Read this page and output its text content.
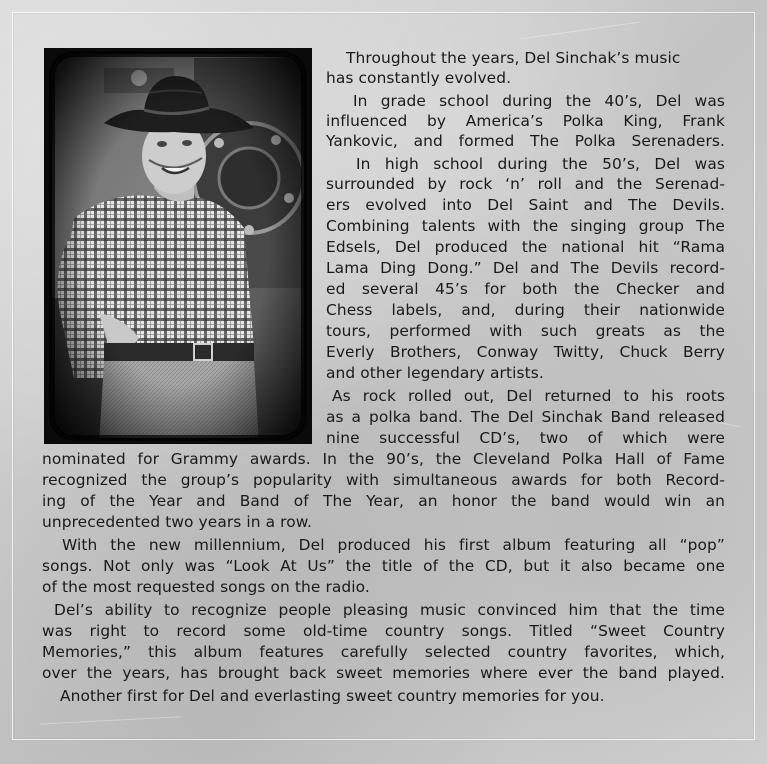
Throughout the years, Del Sinchak’s music
has constantly evolved.
In grade school during the 40’s, Del was
influenced by America’s Polka King, Frank
Yankovic, and formed The Polka Serenaders.
In high school during the 50’s, Del was
surrounded by rock ‘n’ roll and the Serenad-
ers evolved into Del Saint and The Devils.
Combining talents with the singing group The
Edsels, Del produced the national hit “Rama
Lama Ding Dong.” Del and The Devils record-
ed several 45’s for both the Checker and
Chess labels, and, during their nationwide
tours, performed with such greats as the
Everly Brothers, Conway Twitty, Chuck Berry
and other legendary artists.
As rock rolled out, Del returned to his roots
as a polka band. The Del Sinchak Band released
nine successful CD’s, two of which were
nominated for Grammy awards. In the 90’s, the Cleveland Polka Hall of Fame
recognized the group’s popularity with simultaneous awards for both Record-
ing of the Year and Band of The Year, an honor the band would win an
unprecedented two years in a row.
With the new millennium, Del produced his first album featuring all “pop”
songs. Not only was “Look At Us” the title of the CD, but it also became one
of the most requested songs on the radio.
Del’s ability to recognize people pleasing music convinced him that the time
was right to record some old-time country songs. Titled “Sweet Country
Memories,” this album features carefully selected country favorites, which,
over the years, has brought back sweet memories where ever the band played.
Another first for Del and everlasting sweet country memories for you.
